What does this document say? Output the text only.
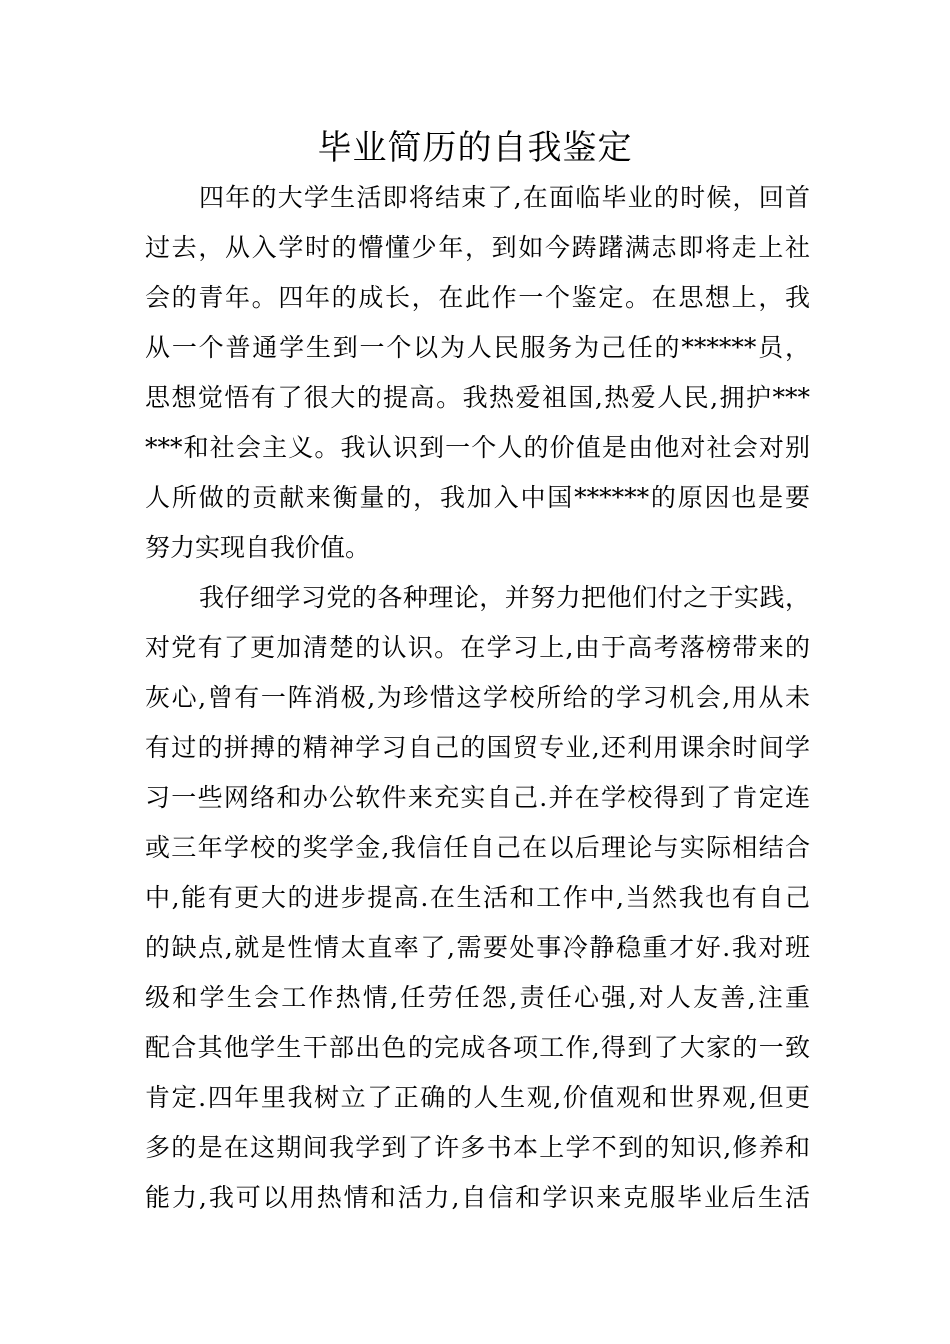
毕业简历的自我鉴定
四年的大学生活即将结束了,在面临毕业的时候，回首
过去，从入学时的懵懂少年，到如今踌躇满志即将走上社
会的青年。四年的成长，在此作一个鉴定。在思想上，我
从一个普通学生到一个以为人民服务为己任的******员，
思想觉悟有了很大的提高。我热爱祖国,热爱人民,拥护***
***和社会主义。我认识到一个人的价值是由他对社会对别
人所做的贡献来衡量的，我加入中国******的原因也是要
努力实现自我价值。
我仔细学习党的各种理论，并努力把他们付之于实践，
对党有了更加清楚的认识。在学习上,由于高考落榜带来的
灰心,曾有一阵消极,为珍惜这学校所给的学习机会,用从未
有过的拼搏的精神学习自己的国贸专业,还利用课余时间学
习一些网络和办公软件来充实自己.并在学校得到了肯定连
或三年学校的奖学金,我信任自己在以后理论与实际相结合
中,能有更大的进步提高.在生活和工作中,当然我也有自己
的缺点,就是性情太直率了,需要处事冷静稳重才好.我对班
级和学生会工作热情,任劳任怨,责任心强,对人友善,注重
配合其他学生干部出色的完成各项工作,得到了大家的一致
肯定.四年里我树立了正确的人生观,价值观和世界观,但更
多的是在这期间我学到了许多书本上学不到的知识,修养和
能力,我可以用热情和活力,自信和学识来克服毕业后生活
